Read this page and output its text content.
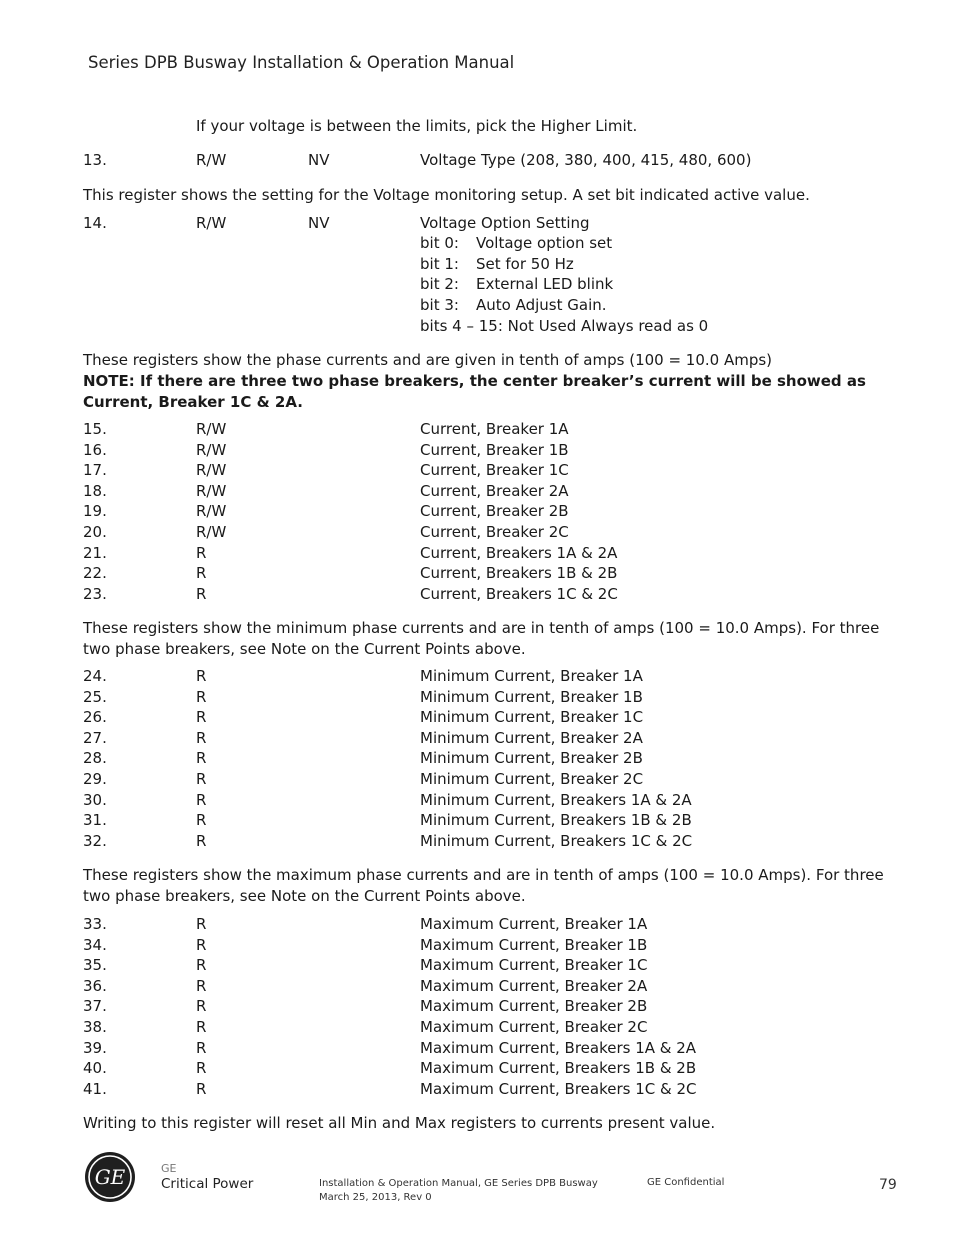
Series DPB Busway Installation & Operation Manual
If your voltage is between the limits, pick the Higher Limit.
13.	R/W	NV	Voltage Type (208, 380, 400, 415, 480, 600)
This register shows the setting for the Voltage monitoring setup. A set bit indicated active value.
14.	R/W	NV	Voltage Option Setting
bit 0: Voltage option set
bit 1: Set for 50 Hz
bit 2: External LED blink
bit 3: Auto Adjust Gain.
bits 4 – 15: Not Used Always read as 0
These registers show the phase currents and are given in tenth of amps (100 = 10.0 Amps)
NOTE: If there are three two phase breakers, the center breaker’s current will be showed as Current, Breaker 1C & 2A.
15.	R/W	Current, Breaker 1A
16.	R/W	Current, Breaker 1B
17.	R/W	Current, Breaker 1C
18.	R/W	Current, Breaker 2A
19.	R/W	Current, Breaker 2B
20.	R/W	Current, Breaker 2C
21.	R	Current, Breakers 1A & 2A
22.	R	Current, Breakers 1B & 2B
23.	R	Current, Breakers 1C & 2C
These registers show the minimum phase currents and are in tenth of amps (100 = 10.0 Amps). For three two phase breakers, see Note on the Current Points above.
24.	R	Minimum Current, Breaker 1A
25.	R	Minimum Current, Breaker 1B
26.	R	Minimum Current, Breaker 1C
27.	R	Minimum Current, Breaker 2A
28.	R	Minimum Current, Breaker 2B
29.	R	Minimum Current, Breaker 2C
30.	R	Minimum Current, Breakers 1A & 2A
31.	R	Minimum Current, Breakers 1B & 2B
32.	R	Minimum Current, Breakers 1C & 2C
These registers show the maximum phase currents and are in tenth of amps (100 = 10.0 Amps). For three two phase breakers, see Note on the Current Points above.
33.	R	Maximum Current, Breaker 1A
34.	R	Maximum Current, Breaker 1B
35.	R	Maximum Current, Breaker 1C
36.	R	Maximum Current, Breaker 2A
37.	R	Maximum Current, Breaker 2B
38.	R	Maximum Current, Breaker 2C
39.	R	Maximum Current, Breakers 1A & 2A
40.	R	Maximum Current, Breakers 1B & 2B
41.	R	Maximum Current, Breakers 1C & 2C
Writing to this register will reset all Min and Max registers to currents present value.
GE	GE
Critical Power	Installation & Operation Manual, GE Series DPB Busway
March 25, 2013, Rev 0
GE Confidential	79
